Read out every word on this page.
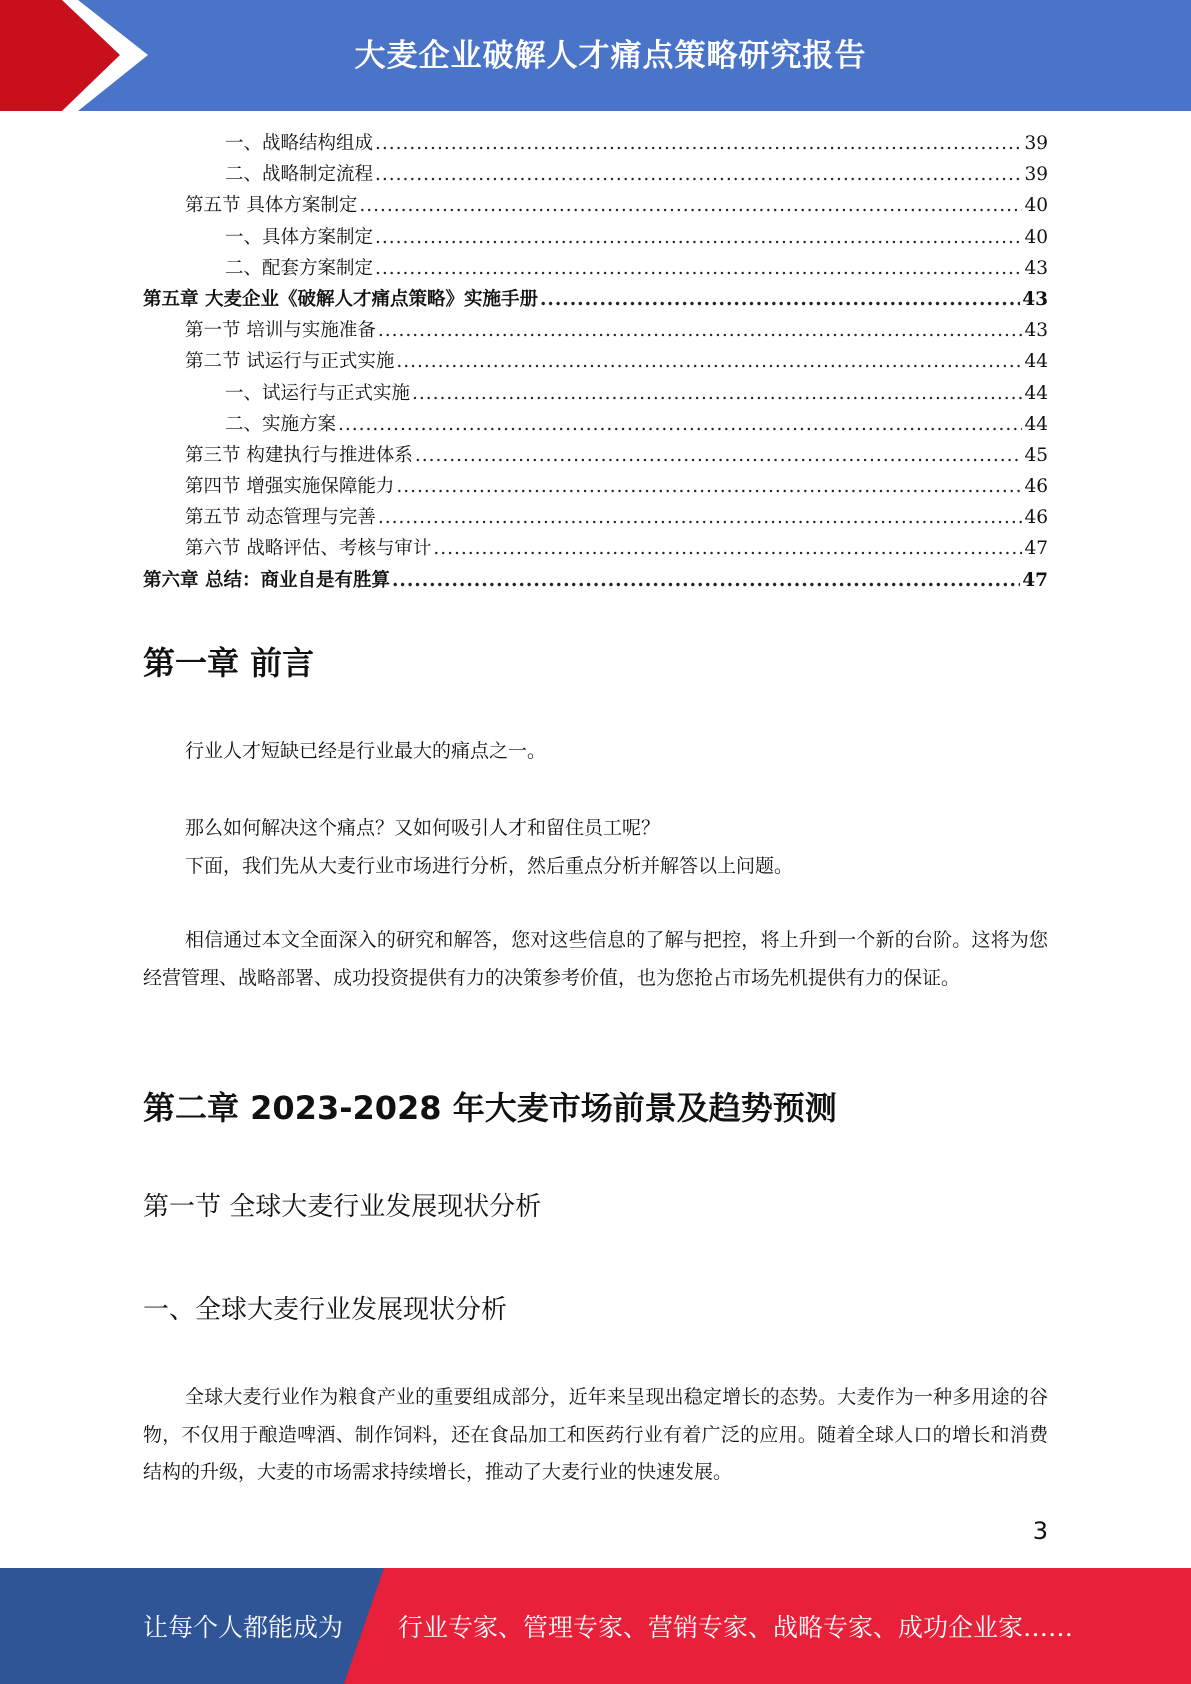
大麦企业破解人才痛点策略研究报告
一、战略结构组成 .....	39
二、战略制定流程 .....	39
第五节 具体方案制定 .....	40
一、具体方案制定 .....	40
二、配套方案制定 .....	43
第五章 大麦企业《破解人才痛点策略》实施手册 .....	43
第一节 培训与实施准备 .....	43
第二节 试运行与正式实施 .....	44
一、试运行与正式实施 .....	44
二、实施方案 .....	44
第三节 构建执行与推进体系 .....	45
第四节 增强实施保障能力 .....	46
第五节 动态管理与完善 .....	46
第六节 战略评估、考核与审计 .....	47
第六章 总结：商业自是有胜算 .....	47
第一章 前言

行业人才短缺已经是行业最大的痛点之一。

那么如何解决这个痛点？又如何吸引人才和留住员工呢？

下面，我们先从大麦行业市场进行分析，然后重点分析并解答以上问题。

相信通过本文全面深入的研究和解答，您对这些信息的了解与把控，将上升到一个新的台阶。这将为您经营管理、战略部署、成功投资提供有力的决策参考价值，也为您抢占市场先机提供有力的保证。

第二章 2023-2028 年大麦市场前景及趋势预测
第一节 全球大麦行业发展现状分析
一、全球大麦行业发展现状分析

全球大麦行业作为粮食产业的重要组成部分，近年来呈现出稳定增长的态势。大麦作为一种多用途的谷物，不仅用于酿造啤酒、制作饲料，还在食品加工和医药行业有着广泛的应用。随着全球人口的增长和消费结构的升级，大麦的市场需求持续增长，推动了大麦行业的快速发展。

3
让每个人都能成为 行业专家、管理专家、营销专家、战略专家、成功企业家……
